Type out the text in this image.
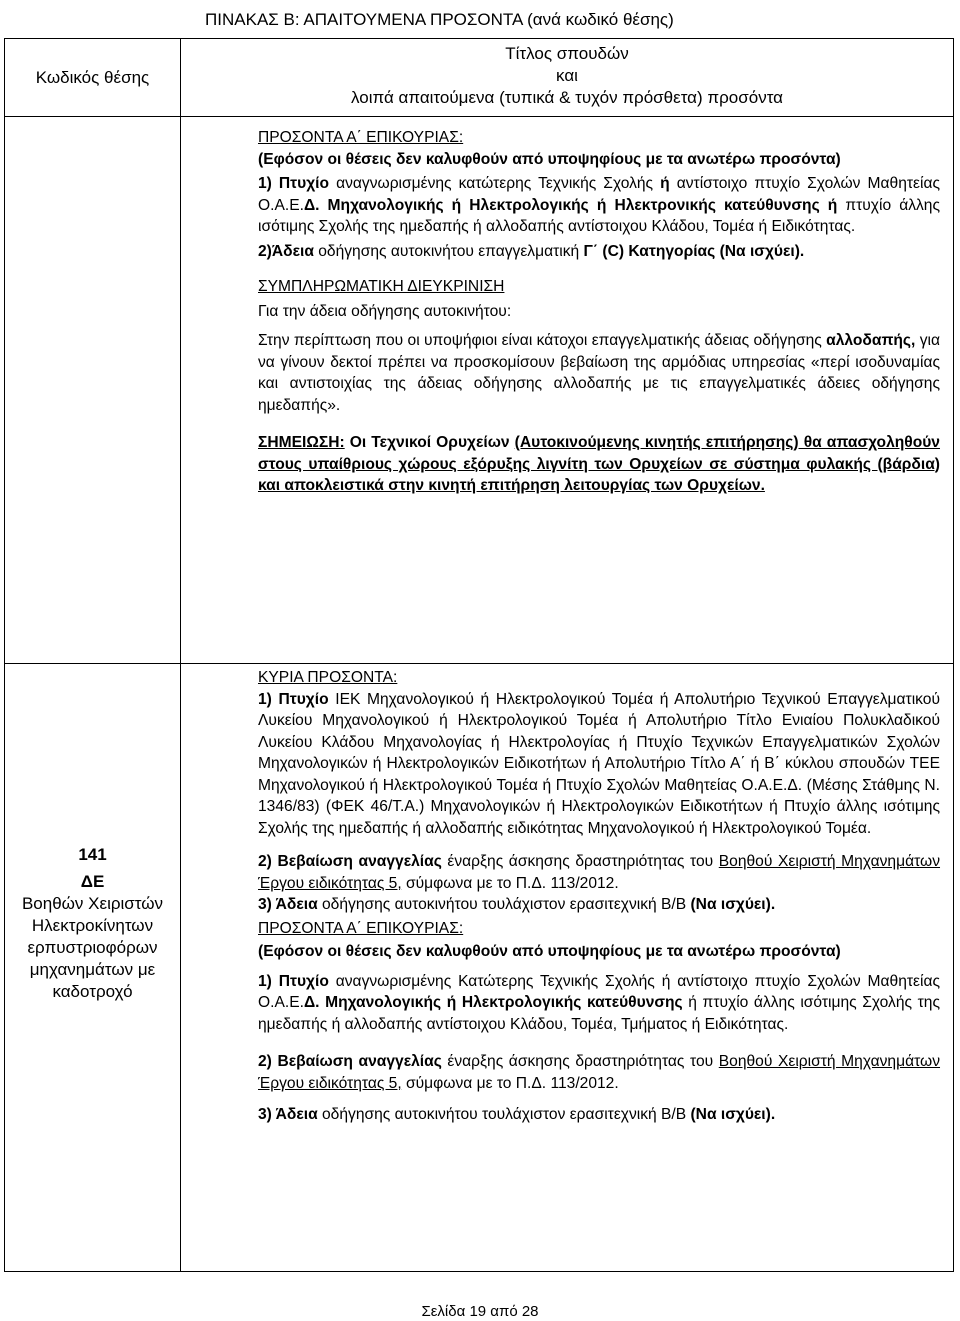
ΠΙΝΑΚΑΣ Β: ΑΠΑΙΤΟΥΜΕΝΑ ΠΡΟΣΟΝΤΑ (ανά κωδικό θέσης)
Κωδικός θέσης
Τίτλος σπουδών
και
λοιπά απαιτούμενα (τυπικά & τυχόν πρόσθετα) προσόντα
141
ΔΕ
Βοηθών Χειριστών
Ηλεκτροκίνητων
ερπυστριοφόρων
μηχανημάτων με
καδοτροχό

ΠΡΟΣΟΝΤΑ Α΄ ΕΠΙΚΟΥΡΙΑΣ:

(Εφόσον οι θέσεις δεν καλυφθούν από υποψηφίους με τα ανωτέρω προσόντα)

1) Πτυχίο αναγνωρισμένης κατώτερης Τεχνικής Σχολής ή αντίστοιχο πτυχίο Σχολών Μαθητείας Ο.Α.Ε.Δ. Μηχανολογικής ή Ηλεκτρολογικής ή Ηλεκτρονικής κατεύθυνσης ή πτυχίο άλλης ισότιμης Σχολής της ημεδαπής ή αλλοδαπής αντίστοιχου Κλάδου, Τομέα ή Ειδικότητας.

2)Άδεια οδήγησης αυτοκινήτου επαγγελματική Γ΄ (C) Κατηγορίας (Να ισχύει).

ΣΥΜΠΛΗΡΩΜΑΤΙΚΗ ΔΙΕΥΚΡΙΝΙΣΗ

Για την άδεια οδήγησης αυτοκινήτου:

Στην περίπτωση που οι υποψήφιοι είναι κάτοχοι επαγγελματικής άδειας οδήγησης αλλοδαπής, για να γίνουν δεκτοί πρέπει να προσκομίσουν βεβαίωση της αρμόδιας υπηρεσίας «περί ισοδυναμίας και αντιστοιχίας της άδειας οδήγησης αλλοδαπής με τις επαγγελματικές άδειες οδήγησης ημεδαπής».

ΣΗΜΕΙΩΣΗ: Οι Τεχνικοί Ορυχείων (Αυτοκινούμενης κινητής επιτήρησης) θα απασχοληθούν στους υπαίθριους χώρους εξόρυξης λιγνίτη των Ορυχείων σε σύστημα φυλακής (βάρδια) και αποκλειστικά στην κινητή επιτήρηση λειτουργίας των Ορυχείων.

ΚΥΡΙΑ ΠΡΟΣΟΝΤΑ:

1) Πτυχίο ΙΕΚ Μηχανολογικού ή Ηλεκτρολογικού Τομέα ή Απολυτήριο Τεχνικού Επαγγελματικού Λυκείου Μηχανολογικού ή Ηλεκτρολογικού Τομέα ή Απολυτήριο Τίτλο Ενιαίου Πολυκλαδικού Λυκείου Κλάδου Μηχανολογίας ή Ηλεκτρολογίας ή Πτυχίο Τεχνικών Επαγγελματικών Σχολών Μηχανολογικών ή Ηλεκτρολογικών Ειδικοτήτων ή Απολυτήριο Τίτλο Α΄ ή Β΄ κύκλου σπουδών ΤΕΕ Μηχανολογικού ή Ηλεκτρολογικού Τομέα ή Πτυχίο Σχολών Μαθητείας Ο.Α.Ε.Δ. (Μέσης Στάθμης Ν. 1346/83) (ΦΕΚ 46/Τ.Α.) Μηχανολογικών ή Ηλεκτρολογικών Ειδικοτήτων ή Πτυχίο άλλης ισότιμης Σχολής της ημεδαπής ή αλλοδαπής ειδικότητας Μηχανολογικού ή Ηλεκτρολογικού Τομέα.

2) Βεβαίωση αναγγελίας έναρξης άσκησης δραστηριότητας του Βοηθού Χειριστή Μηχανημάτων Έργου ειδικότητας 5, σύμφωνα με το Π.Δ. 113/2012.

3) Άδεια οδήγησης αυτοκινήτου τουλάχιστον ερασιτεχνική Β/Β (Να ισχύει).

ΠΡΟΣΟΝΤΑ Α΄ ΕΠΙΚΟΥΡΙΑΣ:

(Εφόσον οι θέσεις δεν καλυφθούν από υποψηφίους με τα ανωτέρω προσόντα)

1) Πτυχίο αναγνωρισμένης Κατώτερης Τεχνικής Σχολής ή αντίστοιχο πτυχίο Σχολών Μαθητείας Ο.Α.Ε.Δ. Μηχανολογικής ή Ηλεκτρολογικής κατεύθυνσης ή πτυχίο άλλης ισότιμης Σχολής της ημεδαπής ή αλλοδαπής αντίστοιχου Κλάδου, Τομέα, Τμήματος ή Ειδικότητας.

2) Βεβαίωση αναγγελίας έναρξης άσκησης δραστηριότητας του Βοηθού Χειριστή Μηχανημάτων Έργου ειδικότητας 5, σύμφωνα με το Π.Δ. 113/2012.

3) Άδεια οδήγησης αυτοκινήτου τουλάχιστον ερασιτεχνική Β/Β (Να ισχύει).

Σελίδα 19 από 28
